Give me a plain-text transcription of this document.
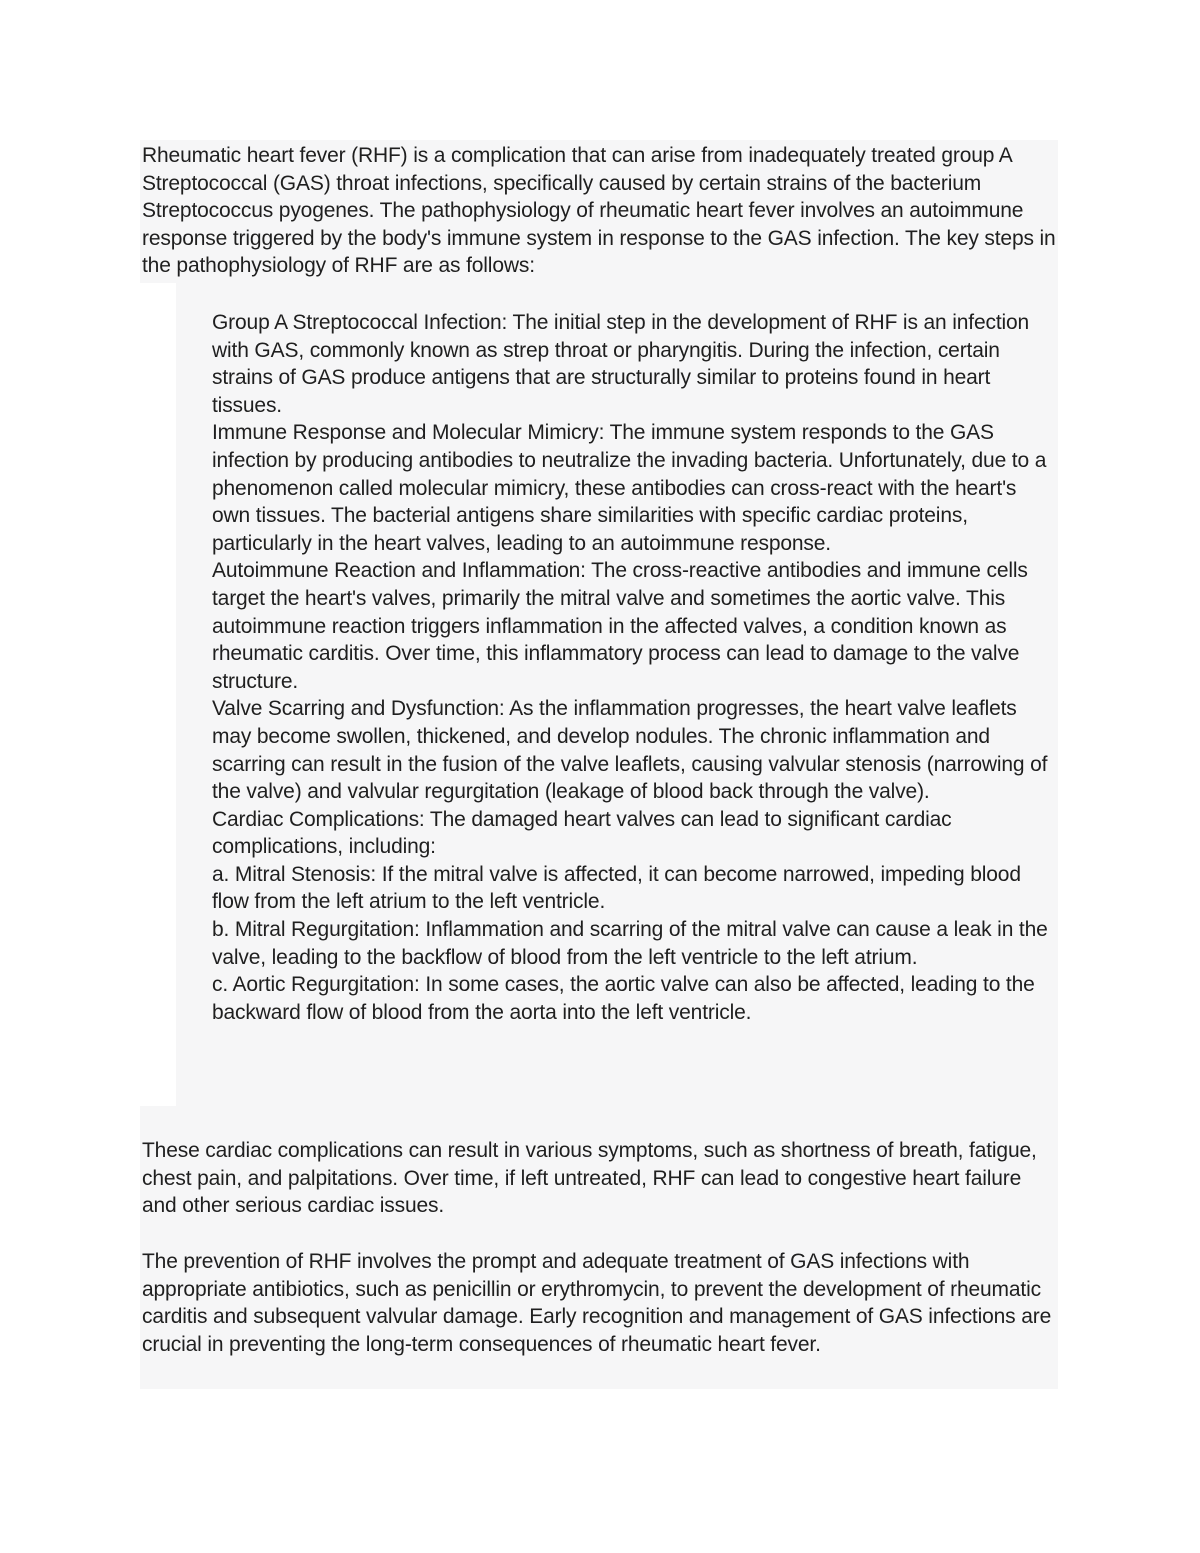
Rheumatic heart fever (RHF) is a complication that can arise from inadequately treated group A Streptococcal (GAS) throat infections, specifically caused by certain strains of the bacterium Streptococcus pyogenes. The pathophysiology of rheumatic heart fever involves an autoimmune response triggered by the body's immune system in response to the GAS infection. The key steps in the pathophysiology of RHF are as follows:

Group A Streptococcal Infection: The initial step in the development of RHF is an infection with GAS, commonly known as strep throat or pharyngitis. During the infection, certain strains of GAS produce antigens that are structurally similar to proteins found in heart tissues.

Immune Response and Molecular Mimicry: The immune system responds to the GAS infection by producing antibodies to neutralize the invading bacteria. Unfortunately, due to a phenomenon called molecular mimicry, these antibodies can cross-react with the heart's own tissues. The bacterial antigens share similarities with specific cardiac proteins, particularly in the heart valves, leading to an autoimmune response.

Autoimmune Reaction and Inflammation: The cross-reactive antibodies and immune cells target the heart's valves, primarily the mitral valve and sometimes the aortic valve. This autoimmune reaction triggers inflammation in the affected valves, a condition known as rheumatic carditis. Over time, this inflammatory process can lead to damage to the valve structure.

Valve Scarring and Dysfunction: As the inflammation progresses, the heart valve leaflets may become swollen, thickened, and develop nodules. The chronic inflammation and scarring can result in the fusion of the valve leaflets, causing valvular stenosis (narrowing of the valve) and valvular regurgitation (leakage of blood back through the valve).

Cardiac Complications: The damaged heart valves can lead to significant cardiac complications, including:

a. Mitral Stenosis: If the mitral valve is affected, it can become narrowed, impeding blood flow from the left atrium to the left ventricle.

b. Mitral Regurgitation: Inflammation and scarring of the mitral valve can cause a leak in the valve, leading to the backflow of blood from the left ventricle to the left atrium.

c. Aortic Regurgitation: In some cases, the aortic valve can also be affected, leading to the backward flow of blood from the aorta into the left ventricle.

These cardiac complications can result in various symptoms, such as shortness of breath, fatigue, chest pain, and palpitations. Over time, if left untreated, RHF can lead to congestive heart failure and other serious cardiac issues.

The prevention of RHF involves the prompt and adequate treatment of GAS infections with appropriate antibiotics, such as penicillin or erythromycin, to prevent the development of rheumatic carditis and subsequent valvular damage. Early recognition and management of GAS infections are crucial in preventing the long-term consequences of rheumatic heart fever.
